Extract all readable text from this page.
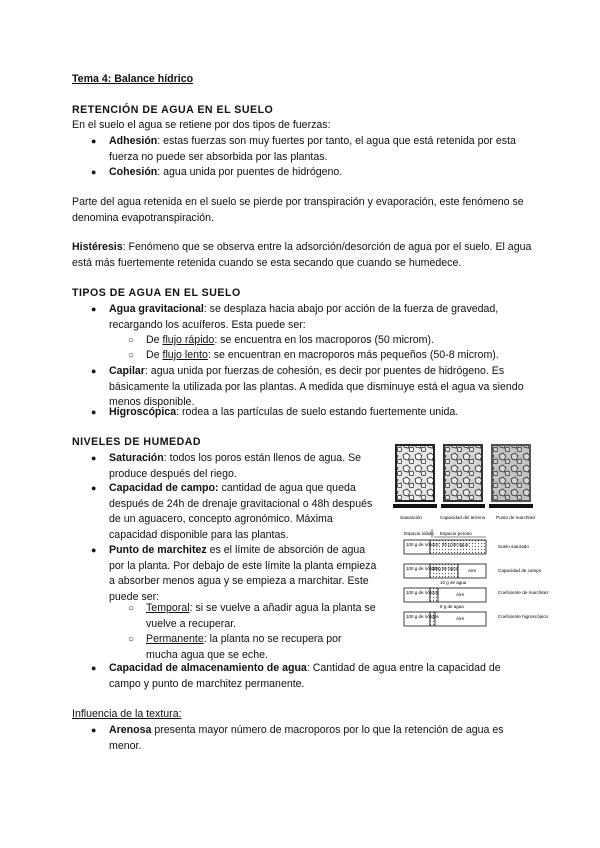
Tema 4: Balance hídrico
RETENCIÓN DE AGUA EN EL SUELO
En el suelo el agua se retiene por dos tipos de fuerzas:
● Adhesión: estas fuerzas son muy fuertes por tanto, el agua que está retenida por esta fuerza no puede ser absorbida por las plantas.
● Cohesión: agua unida por puentes de hidrógeno.
Parte del agua retenida en el suelo se pierde por transpiración y evaporación, este fenómeno se denomina evapotranspiración.
Histéresis: Fenómeno que se observa entre la adsorción/desorción de agua por el suelo. El agua está más fuertemente retenida cuando se esta secando que cuando se humedece.
TIPOS DE AGUA EN EL SUELO
● Agua gravitacional: se desplaza hacia abajo por acción de la fuerza de gravedad, recargando los acuíferos. Esta puede ser:
○ De flujo rápido: se encuentra en los macroporos (50 microm).
○ De flujo lento: se encuentran en macroporos más pequeños (50-8 microm).
● Capilar: agua unida por fuerzas de cohesión, es decir por puentes de hidrógeno. Es básicamente la utilizada por las plantas. A medida que disminuye está el agua va siendo menos disponible.
● Higroscópica: rodea a las partículas de suelo estando fuertemente unida.
NIVELES DE HUMEDAD
● Saturación: todos los poros están llenos de agua. Se produce después del riego.
● Capacidad de campo: cantidad de agua que queda después de 24h de drenaje gravitacional o 48h después de un aguacero, concepto agronómico. Máxima capacidad disponible para las plantas.
● Punto de marchitez es el límite de absorción de agua por la planta. Por debajo de este límite la planta empieza a absorber menos agua y se empieza a marchitar. Este puede ser:
○ Temporal: si se vuelve a añadir agua la planta se vuelve a recuperar.
○ Permanente: la planta no se recupera por mucha agua que se eche.
● Capacidad de almacenamiento de agua: Cantidad de agua entre la capacidad de campo y punto de marchitez permanente.
Influencia de la textura:
● Arenosa presenta mayor número de macroporos por lo que la retención de agua es menor.
Saturación	Capacidad del terreno Punto de marchitez
Espacio sólido Espacio poroso
100 g de sólidos 40 g de agua	Suelo saturado
100 g de sólidos
20 g de agua Aire	Capacidad de campo
10 g de agua
100 g de sólidos	Aire	Coeficiente de marchitez
8 g de agua
100 g de sólidos	Aire	Coeficiente higroscópico
